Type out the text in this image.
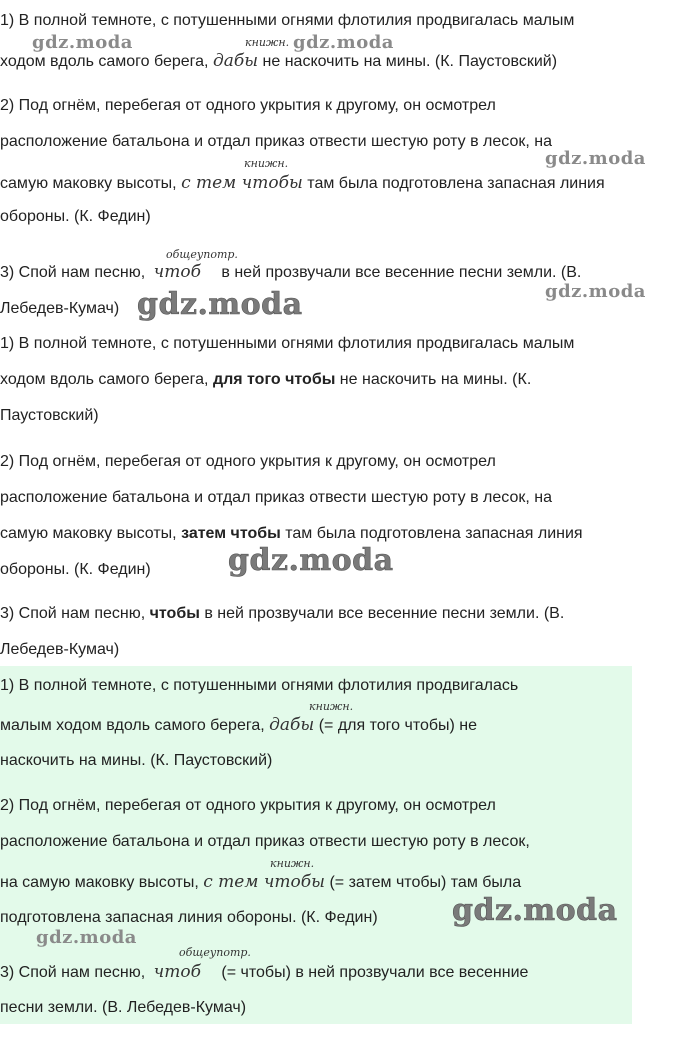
1) В полной темноте, с потушенными огнями флотилия продвигалась малым
книжн.
ходом вдоль самого берега, дабы не наскочить на мины. (К. Паустовский)
2) Под огнём, перебегая от одного укрытия к другому, он осмотрел
расположение батальона и отдал приказ отвести шестую роту в лесок, на
книжн.
самую маковку высоты, с тем чтобы там была подготовлена запасная линия
обороны. (К. Федин)
общеупотр.
3) Спой нам песню, чтоб в ней прозвучали все весенние песни земли. (В.
Лебедев-Кумач)
1) В полной темноте, с потушенными огнями флотилия продвигалась малым
ходом вдоль самого берега, для того чтобы не наскочить на мины. (К.
Паустовский)
2) Под огнём, перебегая от одного укрытия к другому, он осмотрел
расположение батальона и отдал приказ отвести шестую роту в лесок, на
самую маковку высоты, затем чтобы там была подготовлена запасная линия
обороны. (К. Федин)
3) Спой нам песню, чтобы в ней прозвучали все весенние песни земли. (В.
Лебедев-Кумач)
1) В полной темноте, с потушенными огнями флотилия продвигалась
книжн.
малым ходом вдоль самого берега, дабы (= для того чтобы) не
наскочить на мины. (К. Паустовский)
2) Под огнём, перебегая от одного укрытия к другому, он осмотрел
расположение батальона и отдал приказ отвести шестую роту в лесок,
книжн.
на самую маковку высоты, с тем чтобы (= затем чтобы) там была
подготовлена запасная линия обороны. (К. Федин)
общеупотр.
3) Спой нам песню, чтоб (= чтобы) в ней прозвучали все весенние
песни земли. (В. Лебедев-Кумач)
gdz.moda	gdz.moda
gdz.moda
gdz.moda
gdz.moda
gdz.moda
gdz.moda
gdz.moda
